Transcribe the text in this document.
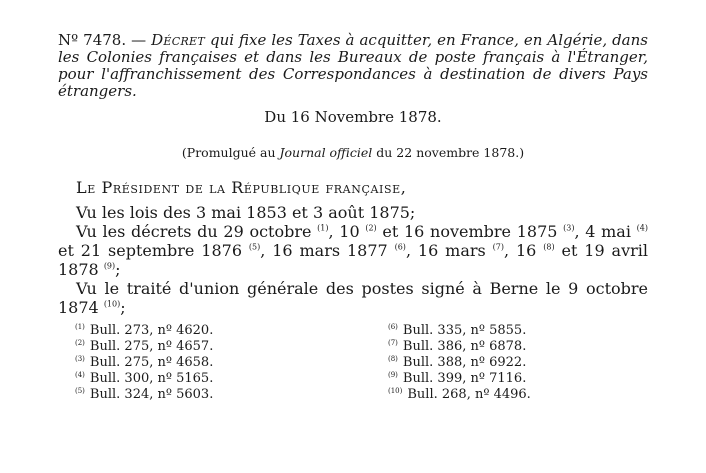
Nº 7478. — Décret qui fixe les Taxes à acquitter, en France, en Algérie, dans les Colonies françaises et dans les Bureaux de poste français à l'Étranger, pour l'affranchissement des Correspondances à destination de divers Pays étrangers.
Du 16 Novembre 1878.
(Promulgué au Journal officiel du 22 novembre 1878.)
Le Président de la République française,

Vu les lois des 3 mai 1853 et 3 août 1875;

Vu les décrets du 29 octobre $^{(1)}$, 10 $^{(2)}$ et 16 novembre 1875 $^{(3)}$, 4 mai $^{(4)}$ et 21 septembre 1876 $^{(5)}$, 16 mars 1877 $^{(6)}$, 16 mars $^{(7)}$, 16 $^{(8)}$ et 19 avril 1878 $^{(9)}$;

Vu le traité d'union générale des postes signé à Berne le 9 octobre 1874 $^{(10)}$;

$^{(1)}$ Bull. 273, nº 4620.
$^{(2)}$ Bull. 275, nº 4657.
$^{(3)}$ Bull. 275, nº 4658.
$^{(4)}$ Bull. 300, nº 5165.
$^{(5)}$ Bull. 324, nº 5603.
$^{(6)}$ Bull. 335, nº 5855.
$^{(7)}$ Bull. 386, nº 6878.
$^{(8)}$ Bull. 388, nº 6922.
$^{(9)}$ Bull. 399, nº 7116.
$^{(10)}$ Bull. 268, nº 4496.
